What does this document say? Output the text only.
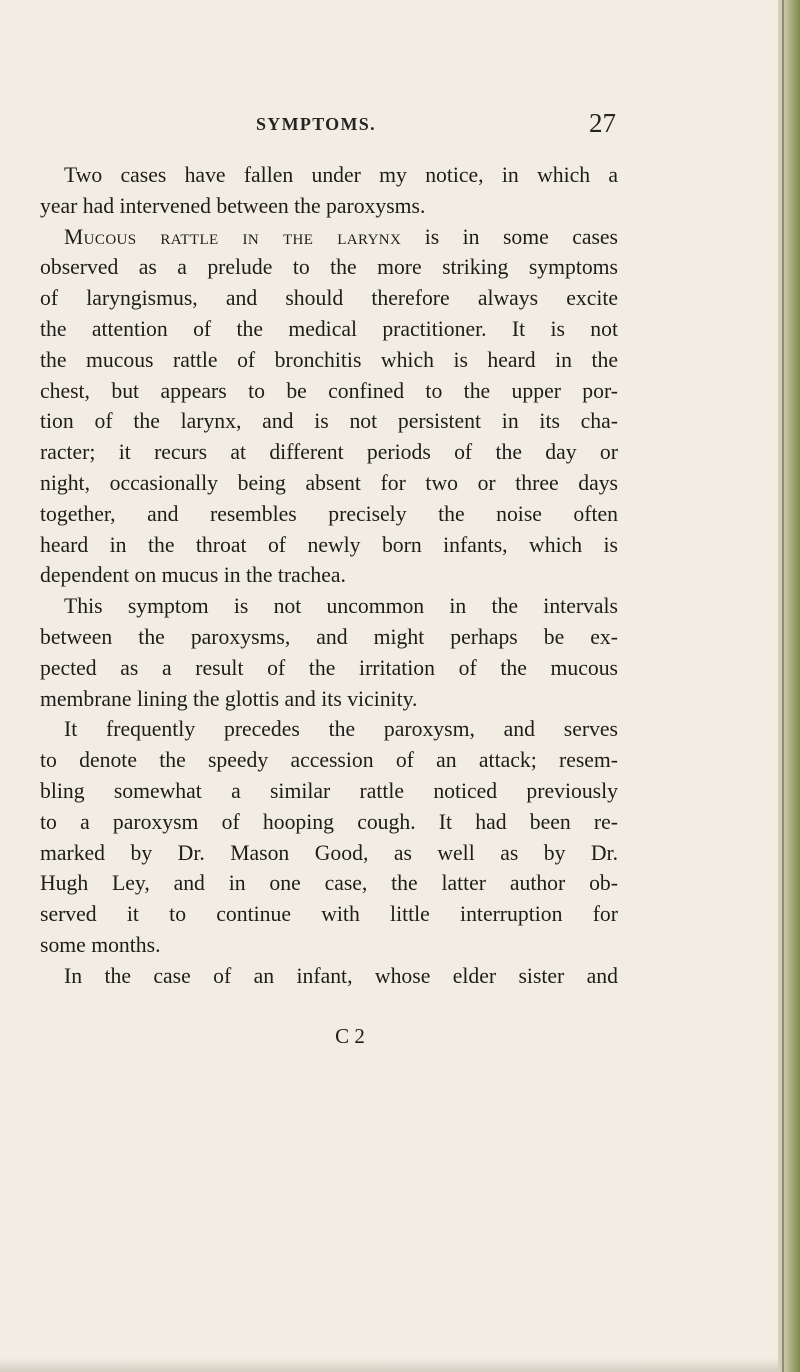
SYMPTOMS.	27

Two cases have fallen under my notice, in which a
year had intervened between the paroxysms.

Mucous rattle in the larynx is in some cases
observed as a prelude to the more striking symptoms
of laryngismus, and should therefore always excite
the attention of the medical practitioner. It is not
the mucous rattle of bronchitis which is heard in the
chest, but appears to be confined to the upper por-
tion of the larynx, and is not persistent in its cha-
racter; it recurs at different periods of the day or
night, occasionally being absent for two or three days
together, and resembles precisely the noise often
heard in the throat of newly born infants, which is
dependent on mucus in the trachea.

This symptom is not uncommon in the intervals
between the paroxysms, and might perhaps be ex-
pected as a result of the irritation of the mucous
membrane lining the glottis and its vicinity.

It frequently precedes the paroxysm, and serves
to denote the speedy accession of an attack; resem-
bling somewhat a similar rattle noticed previously
to a paroxysm of hooping cough. It had been re-
marked by Dr. Mason Good, as well as by Dr.
Hugh Ley, and in one case, the latter author ob-
served it to continue with little interruption for
some months.

In the case of an infant, whose elder sister and

C 2
